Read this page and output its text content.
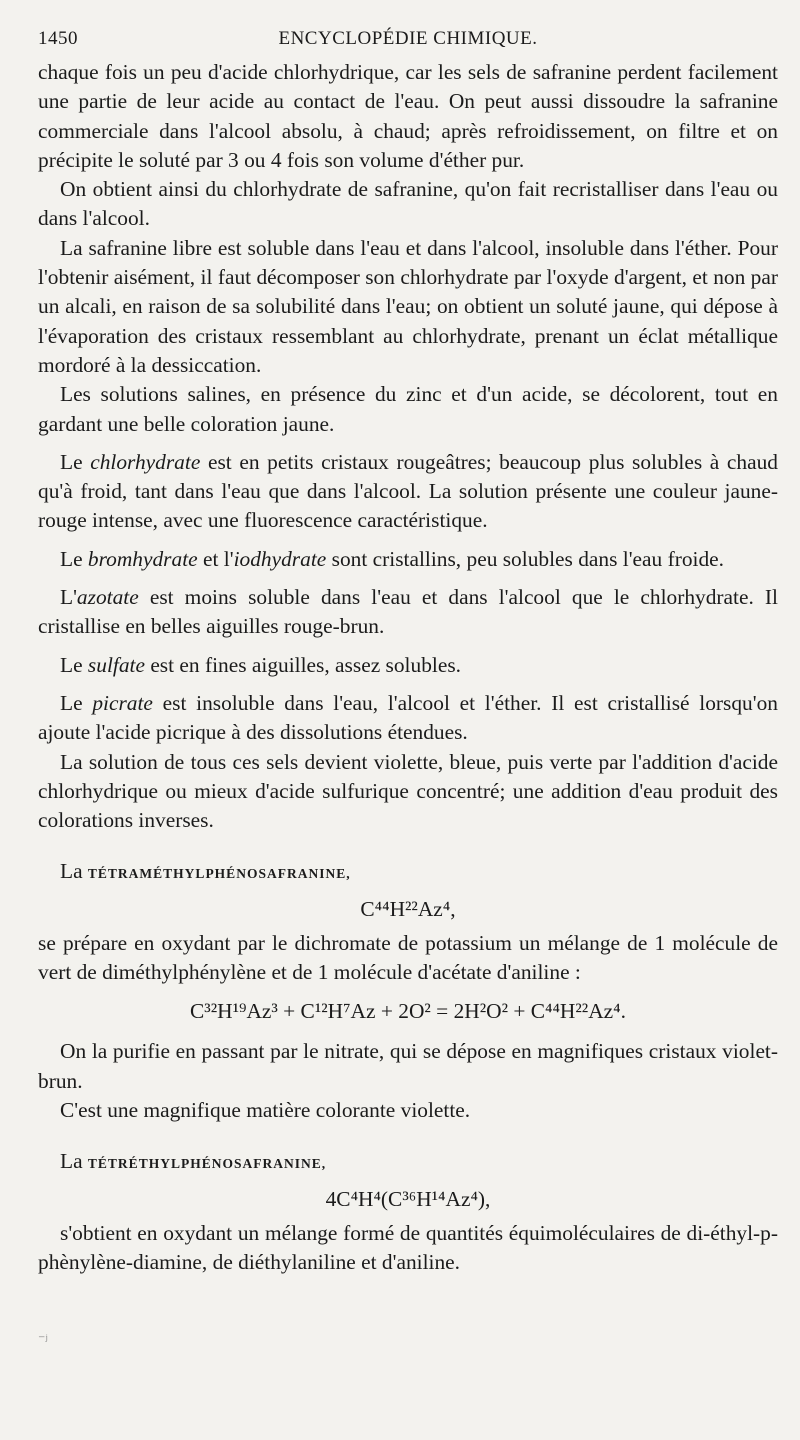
1450	ENCYCLOPÉDIE CHIMIQUE.

chaque fois un peu d'acide chlorhydrique, car les sels de safranine perdent facilement une partie de leur acide au contact de l'eau. On peut aussi dissoudre la safranine commerciale dans l'alcool absolu, à chaud; après refroidissement, on filtre et on précipite le soluté par 3 ou 4 fois son volume d'éther pur.

On obtient ainsi du chlorhydrate de safranine, qu'on fait recristalliser dans l'eau ou dans l'alcool.

La safranine libre est soluble dans l'eau et dans l'alcool, insoluble dans l'éther. Pour l'obtenir aisément, il faut décomposer son chlorhydrate par l'oxyde d'argent, et non par un alcali, en raison de sa solubilité dans l'eau; on obtient un soluté jaune, qui dépose à l'évaporation des cristaux ressemblant au chlorhydrate, prenant un éclat métallique mordoré à la dessiccation.

Les solutions salines, en présence du zinc et d'un acide, se décolorent, tout en gardant une belle coloration jaune.

Le chlorhydrate est en petits cristaux rougeâtres; beaucoup plus solubles à chaud qu'à froid, tant dans l'eau que dans l'alcool. La solution présente une couleur jaune-rouge intense, avec une fluorescence caractéristique.

Le bromhydrate et l'iodhydrate sont cristallins, peu solubles dans l'eau froide.

L'azotate est moins soluble dans l'eau et dans l'alcool que le chlorhydrate. Il cristallise en belles aiguilles rouge-brun.

Le sulfate est en fines aiguilles, assez solubles.

Le picrate est insoluble dans l'eau, l'alcool et l'éther. Il est cristallisé lorsqu'on ajoute l'acide picrique à des dissolutions étendues.

La solution de tous ces sels devient violette, bleue, puis verte par l'addition d'acide chlorhydrique ou mieux d'acide sulfurique concentré; une addition d'eau produit des colorations inverses.

La TÉTRAMÉTHYLPHÉNOSAFRANINE,

C⁴⁴H²²Az⁴,

se prépare en oxydant par le dichromate de potassium un mélange de 1 molécule de vert de diméthylphénylène et de 1 molécule d'acétate d'aniline :

C³²H¹⁹Az³ + C¹²H⁷Az + 2O² = 2H²O² + C⁴⁴H²²Az⁴.

On la purifie en passant par le nitrate, qui se dépose en magnifiques cristaux violet-brun.

C'est une magnifique matière colorante violette.

La TÉTRÉTHYLPHÉNOSAFRANINE,

4C⁴H⁴(C³⁶H¹⁴Az⁴),

s'obtient en oxydant un mélange formé de quantités équimoléculaires de di-éthyl-p-phènylène-diamine, de diéthylaniline et d'aniline.

⁻ʲ
